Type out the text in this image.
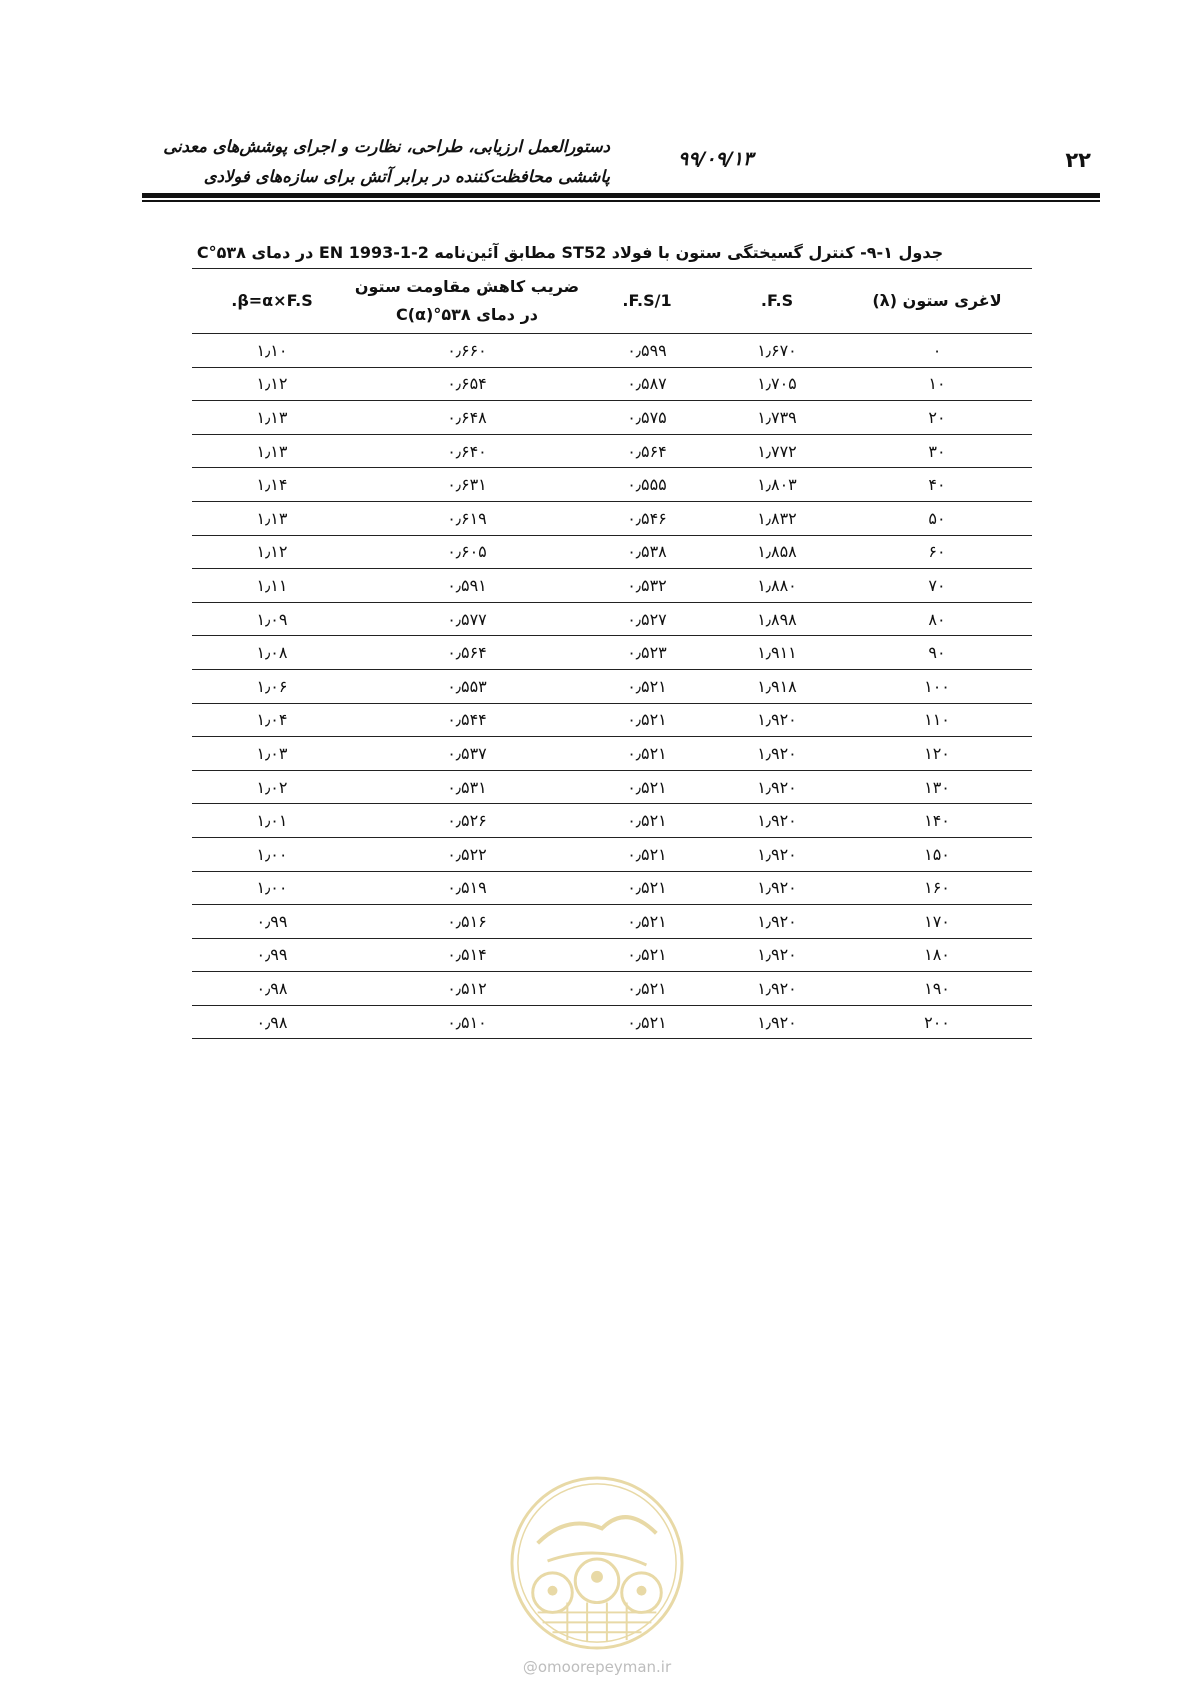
۲۲
۹۹/۰۹/۱۳
دستورالعمل ارزیابی، طراحی، نظارت و اجرای پوشش‌های معدنی
پاششی محافظت‌کننده در برابر آتش برای سازه‌های فولادی
جدول ۱-۹- کنترل گسیختگی ستون با فولاد ST52 مطابق آئین‌نامه EN 1993-1-2 در دمای ۵۳۸°C
لاغری ستون (λ)	F.S.	1/F.S.	ضریب کاهش مقاومت ستون
در دمای ۵۳۸°C(α)	β=α×F.S.
۰	۱٫۶۷۰	۰٫۵۹۹	۰٫۶۶۰	۱٫۱۰
۱۰	۱٫۷۰۵	۰٫۵۸۷	۰٫۶۵۴	۱٫۱۲
۲۰	۱٫۷۳۹	۰٫۵۷۵	۰٫۶۴۸	۱٫۱۳
۳۰	۱٫۷۷۲	۰٫۵۶۴	۰٫۶۴۰	۱٫۱۳
۴۰	۱٫۸۰۳	۰٫۵۵۵	۰٫۶۳۱	۱٫۱۴
۵۰	۱٫۸۳۲	۰٫۵۴۶	۰٫۶۱۹	۱٫۱۳
۶۰	۱٫۸۵۸	۰٫۵۳۸	۰٫۶۰۵	۱٫۱۲
۷۰	۱٫۸۸۰	۰٫۵۳۲	۰٫۵۹۱	۱٫۱۱
۸۰	۱٫۸۹۸	۰٫۵۲۷	۰٫۵۷۷	۱٫۰۹
۹۰	۱٫۹۱۱	۰٫۵۲۳	۰٫۵۶۴	۱٫۰۸
۱۰۰	۱٫۹۱۸	۰٫۵۲۱	۰٫۵۵۳	۱٫۰۶
۱۱۰	۱٫۹۲۰	۰٫۵۲۱	۰٫۵۴۴	۱٫۰۴
۱۲۰	۱٫۹۲۰	۰٫۵۲۱	۰٫۵۳۷	۱٫۰۳
۱۳۰	۱٫۹۲۰	۰٫۵۲۱	۰٫۵۳۱	۱٫۰۲
۱۴۰	۱٫۹۲۰	۰٫۵۲۱	۰٫۵۲۶	۱٫۰۱
۱۵۰	۱٫۹۲۰	۰٫۵۲۱	۰٫۵۲۲	۱٫۰۰
۱۶۰	۱٫۹۲۰	۰٫۵۲۱	۰٫۵۱۹	۱٫۰۰
۱۷۰	۱٫۹۲۰	۰٫۵۲۱	۰٫۵۱۶	۰٫۹۹
۱۸۰	۱٫۹۲۰	۰٫۵۲۱	۰٫۵۱۴	۰٫۹۹
۱۹۰	۱٫۹۲۰	۰٫۵۲۱	۰٫۵۱۲	۰٫۹۸
۲۰۰	۱٫۹۲۰	۰٫۵۲۱	۰٫۵۱۰	۰٫۹۸
@omoorepeyman.ir
